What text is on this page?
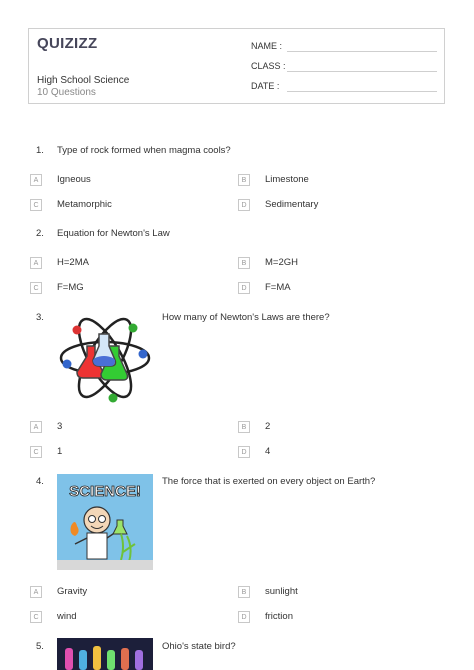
QUIZIZZ
High School Science
10 Questions
NAME :
CLASS :
DATE :
1. Type of rock formed when magma cools?
A	Igneous	B	Limestone
C	Metamorphic	D	Sedimentary
2. Equation for Newton's Law
A	H=2MA	B	M=2GH
C	F=MG	D	F=MA
3.	How many of Newton's Laws are there?
A	3	B	2
C	1	D	4
4.	The force that is exerted on every object on Earth?
SCIENCE!
A	Gravity	B	sunlight
C	wind	D	friction
5.	Ohio's state bird?
